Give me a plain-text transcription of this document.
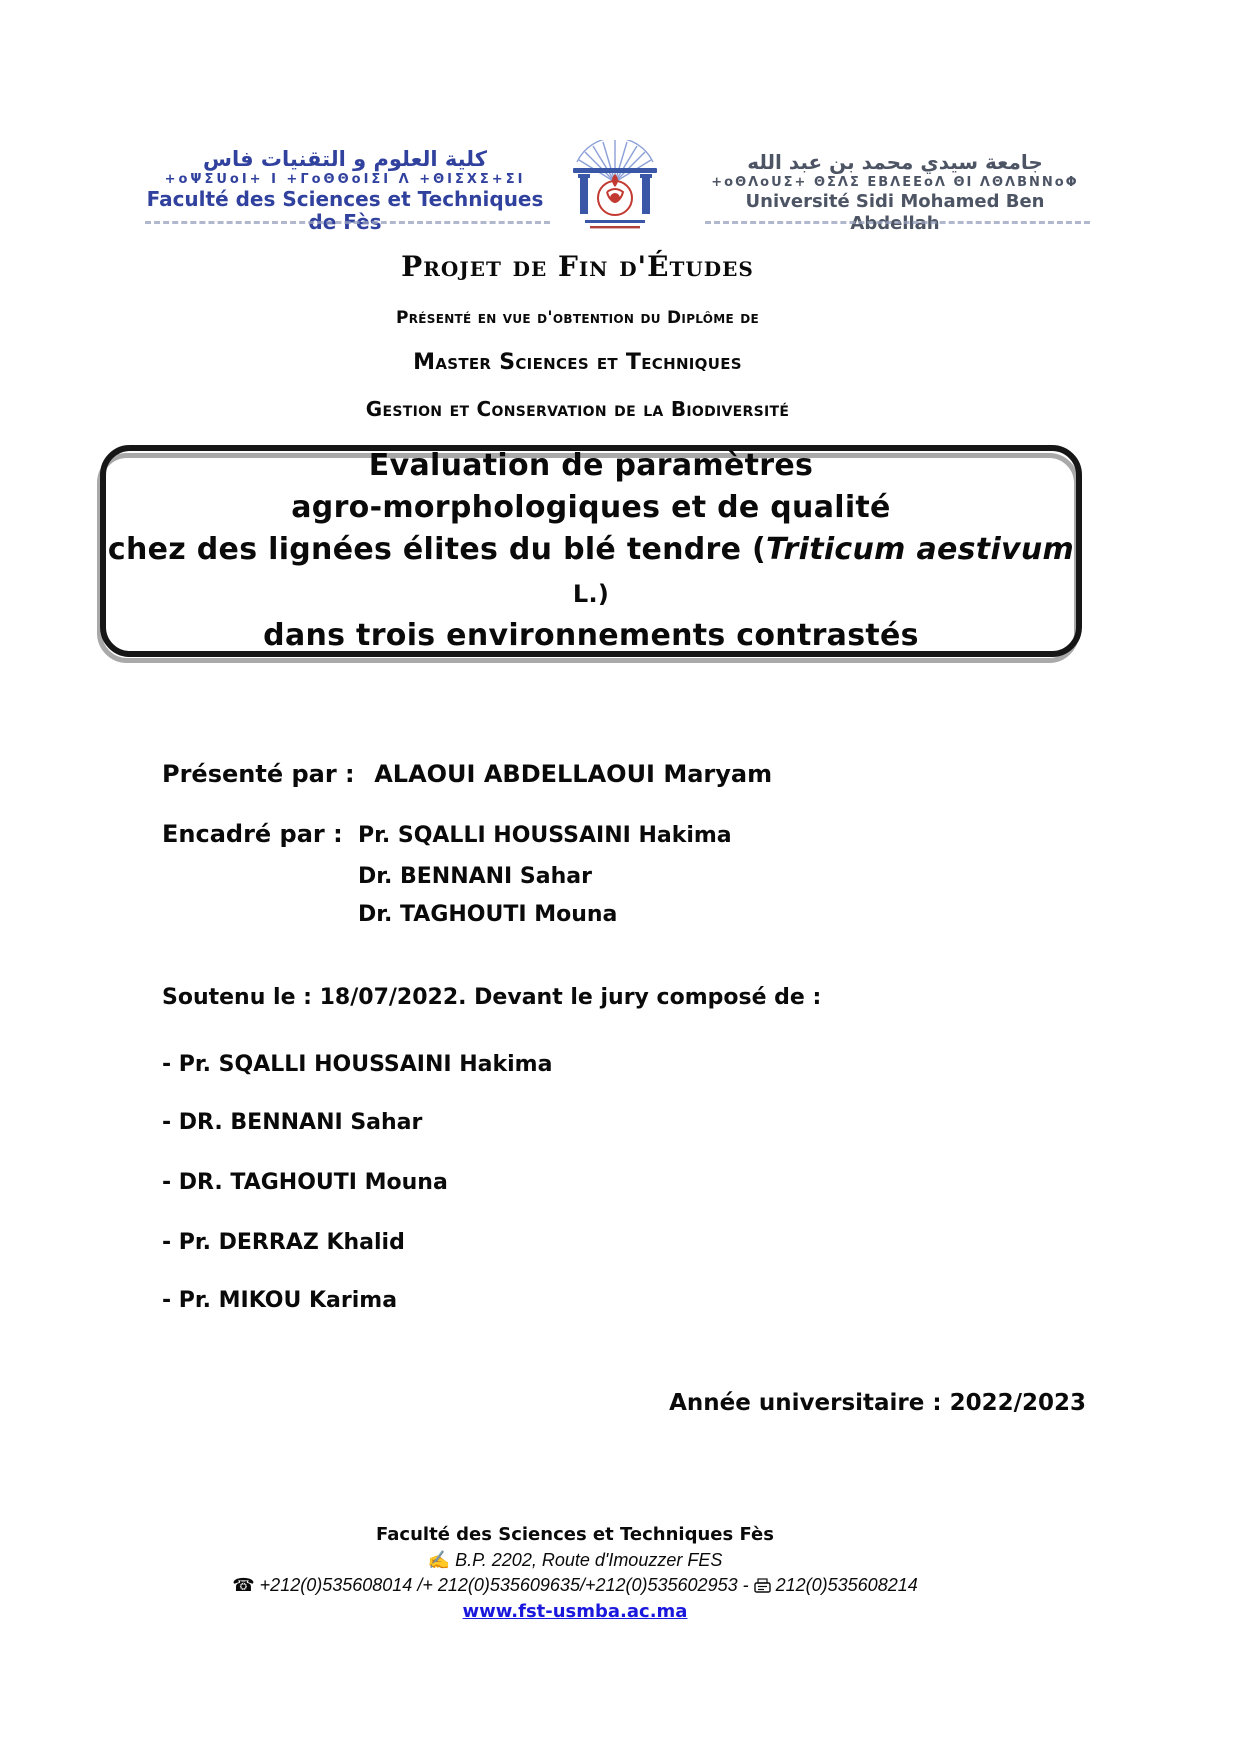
كلية العلوم و التقنيات فاس
+oΨΣUoI+ I +ΓoΘΘoIΣI Λ +ΘIΣΧΣ+ΣI
Faculté des Sciences et Techniques de Fès
جامعة سيدي محمد بن عبد الله
+oΘΛoUΣ+ ΘΣΛΣ ΕΒΛΕΕoΛ ΘΙ ΛΘΛΒΝΝoΦ
Université Sidi Mohamed Ben Abdellah
Projet de Fin d'Études
Présenté en vue d'obtention du Diplôme de
Master Sciences et Techniques
Gestion et Conservation de la Biodiversité
Evaluation de paramètres
agro-morphologiques et de qualité
chez des lignées élites du blé tendre (Triticum aestivum L.)
dans trois environnements contrastés
Présenté par : ALAOUI ABDELLAOUI Maryam
Encadré par : Pr. SQALLI HOUSSAINI Hakima
Dr. BENNANI Sahar
Dr. TAGHOUTI Mouna
Soutenu le : 18/07/2022. Devant le jury composé de :
- Pr. SQALLI HOUSSAINI Hakima
- DR. BENNANI Sahar
- DR. TAGHOUTI Mouna
- Pr. DERRAZ Khalid
- Pr. MIKOU Karima
Année universitaire : 2022/2023
Faculté des Sciences et Techniques Fès
✍ B.P. 2202, Route d'Imouzzer FES
☎ +212(0)535608014 /+ 212(0)535609635/+212(0)535602953 -  212(0)535608214
www.fst-usmba.ac.ma
